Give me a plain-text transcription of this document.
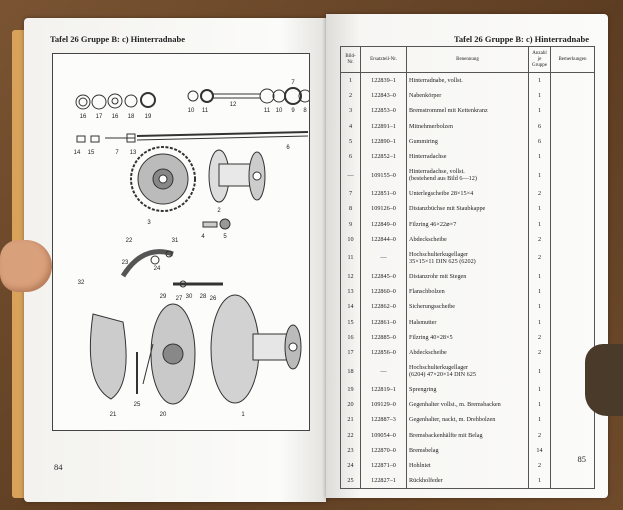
Tafel 26 Gruppe B: c) Hinterradnabe
16 17 16 18 19
10 11
12
11 10 9 8
7
14 15	7 13
6
3
2
4	5
22	31
23
24
30 28
27	26
32
29
25
21	20	1
84
Tafel 26 Gruppe B: c) Hinterradnabe
Bild-Nr.	Ersatzteil-Nr.	Benennung	Anzahl je Gruppe	Bemerkungen
1	122839–1	Hinterradnabe, vollst.	1	
2	122843–0	Nabenkörper	1	
3	122853–0	Bremstrommel mit Kettenkranz	1	
4	122891–1	Mitnehmerbolzen	6	
5	122890–1	Gummiring	6	
6	122852–1	Hinterradachse	1	
—	109155–0	Hinterradachse, vollst.
(bestehend aus Bild 6—12)	1	
7	122851–0	Unterlegscheibe 28×15×4	2	
8	109126–0	Distanzbüchse mit Staubkappe	1	
9	122849–0	Filzring 46×22⌀×7	1	
10	122844–0	Abdeckscheibe	2	
11	—	Hochschulterkugellager
35×15×11 DIN 625 (6202)	2	
12	122845–0	Distanzrohr mit Stegen	1	
13	122860–0	Flanschbolzen	1	
14	122862–0	Sicherungsscheibe	1	
15	122861–0	Halsmutter	1	
16	122885–0	Filzring 40×28×5	2	
17	122856–0	Abdeckscheibe	2	
18	—	Hochschulterkugellager
(6204) 47×20×14 DIN 625	1	
19	122819–1	Sprengring	1	
20	109129–0	Gegenhalter vollst., m. Bremsbacken	1	
21	122887–3	Gegenhalter, nackt, m. Drehbolzen	1	
22	109054–0	Bremsbackenhälfte mit Belag	2	
23	122870–0	Bremsbelag	14	
24	122871–0	Hohlniet	2	
25	122827–1	Rückholfeder	1	
85
